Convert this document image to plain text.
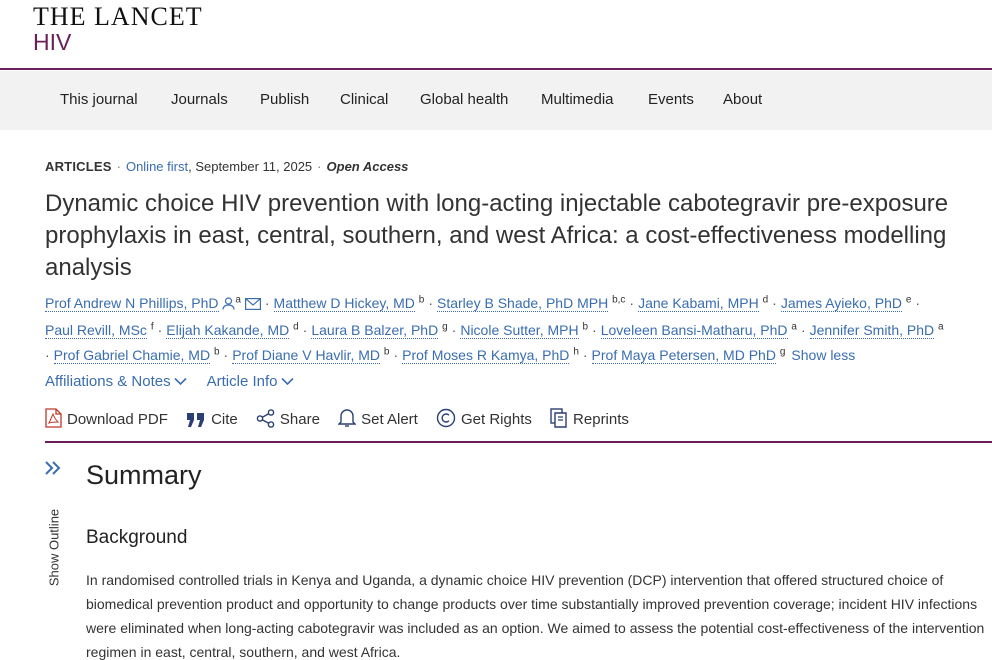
THE LANCET
HIV
This journal Journals Publish Clinical Global health Multimedia Events About
ARTICLES · Online first, September 11, 2025 · Open Access
Dynamic choice HIV prevention with long-acting injectable cabotegravir pre-exposure prophylaxis in east, central, southern, and west Africa: a cost-effectiveness modelling analysis
Prof Andrew N Phillips, PhD $^a$ · Matthew D Hickey, MD $^b$ · Starley B Shade, PhD MPH $^{b,c}$ · Jane Kabami, MPH $^d$ · James Ayieko, PhD $^e$ ·
Paul Revill, MSc $^f$ · Elijah Kakande, MD $^d$ · Laura B Balzer, PhD $^g$ · Nicole Sutter, MPH $^b$ · Loveleen Bansi-Matharu, PhD $^a$ · Jennifer Smith, PhD $^a$
· Prof Gabriel Chamie, MD $^b$ · Prof Diane V Havlir, MD $^b$ · Prof Moses R Kamya, PhD $^h$ · Prof Maya Petersen, MD PhD $^g$ Show less
Affiliations & Notes Article Info
Download PDF	Cite	Share	Set Alert	Get Rights	Reprints
Show Outline
Summary
Background

In randomised controlled trials in Kenya and Uganda, a dynamic choice HIV prevention (DCP) intervention that offered structured choice of biomedical prevention product and opportunity to change products over time substantially improved prevention coverage; incident HIV infections were eliminated when long-acting cabotegravir was included as an option. We aimed to assess the potential cost-effectiveness of the intervention regimen in east, central, southern, and west Africa.
